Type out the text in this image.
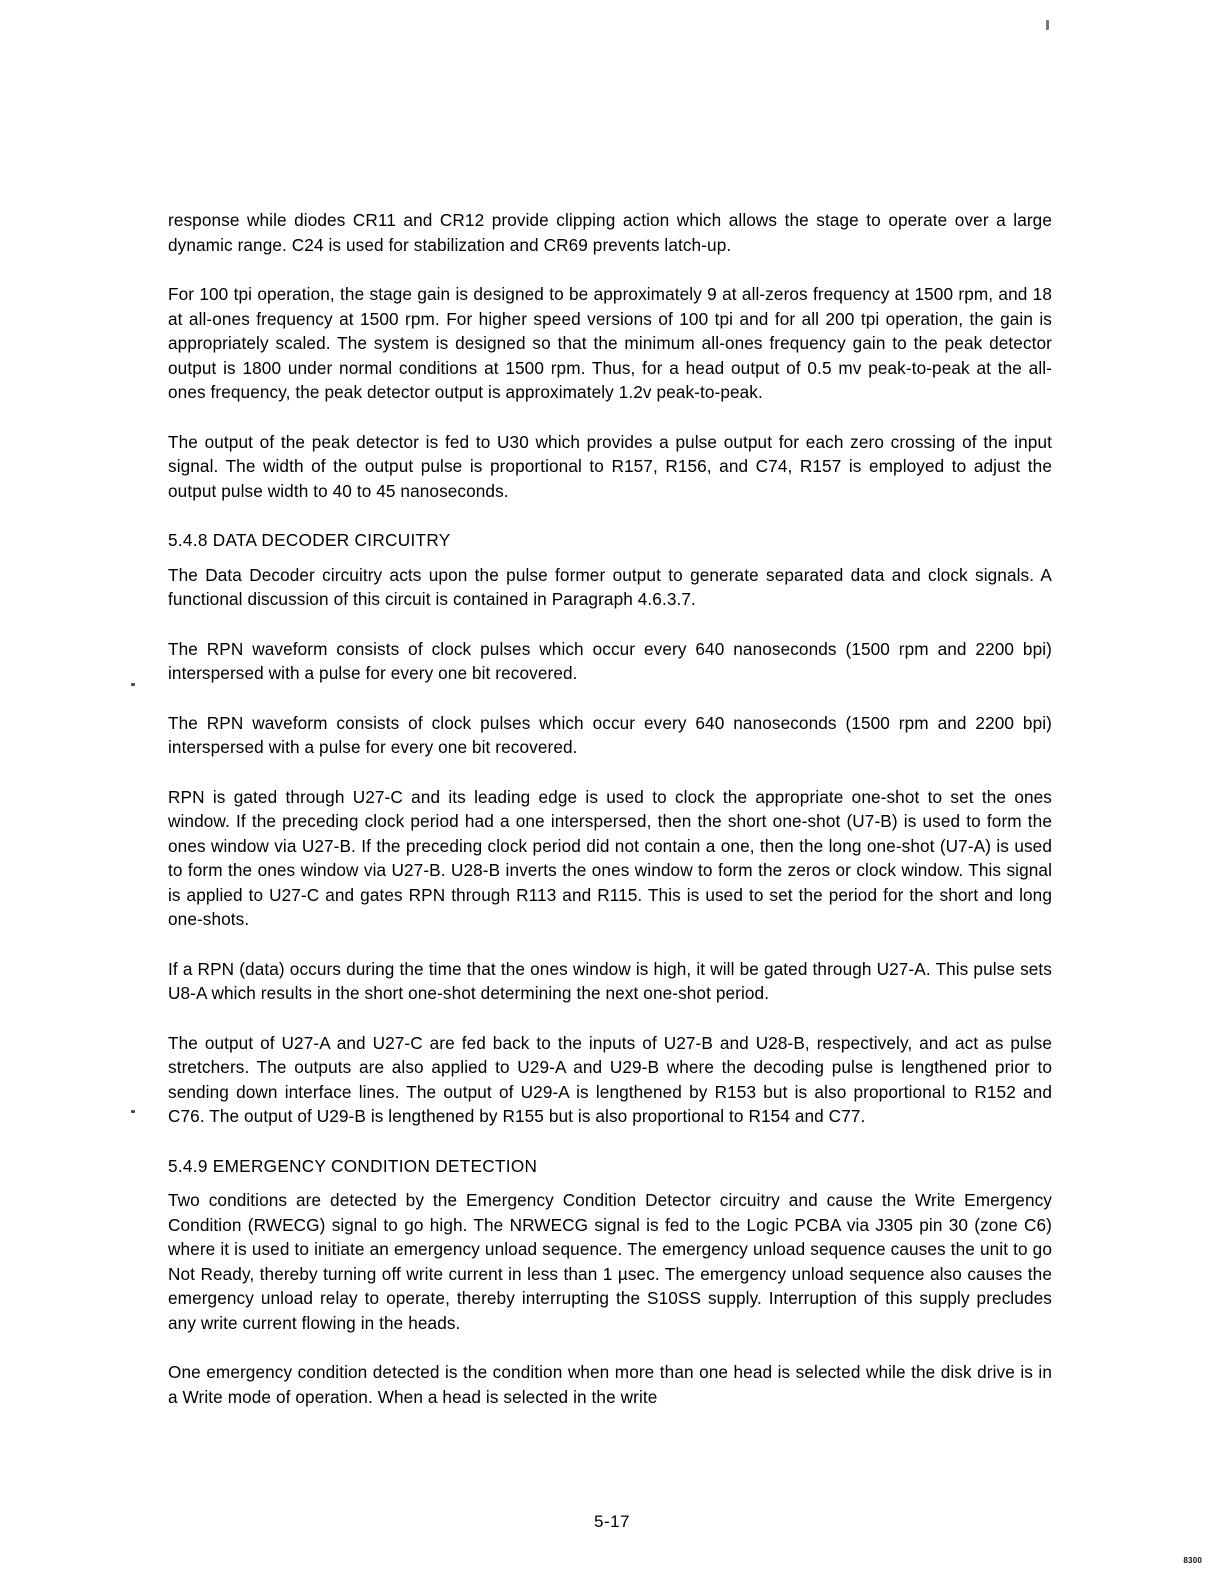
response while diodes CR11 and CR12 provide clipping action which allows the stage to operate over a large dynamic range. C24 is used for stabilization and CR69 prevents latch-up.

For 100 tpi operation, the stage gain is designed to be approximately 9 at all-zeros frequency at 1500 rpm, and 18 at all-ones frequency at 1500 rpm. For higher speed versions of 100 tpi and for all 200 tpi operation, the gain is appropriately scaled. The system is designed so that the minimum all-ones frequency gain to the peak detector output is 1800 under normal conditions at 1500 rpm. Thus, for a head output of 0.5 mv peak-to-peak at the all-ones frequency, the peak detector output is approximately 1.2v peak-to-peak.

The output of the peak detector is fed to U30 which provides a pulse output for each zero crossing of the input signal. The width of the output pulse is proportional to R157, R156, and C74, R157 is employed to adjust the output pulse width to 40 to 45 nanoseconds.

5.4.8 DATA DECODER CIRCUITRY

The Data Decoder circuitry acts upon the pulse former output to generate separated data and clock signals. A functional discussion of this circuit is contained in Paragraph 4.6.3.7.

The RPN waveform consists of clock pulses which occur every 640 nanoseconds (1500 rpm and 2200 bpi) interspersed with a pulse for every one bit recovered.

The RPN waveform consists of clock pulses which occur every 640 nanoseconds (1500 rpm and 2200 bpi) interspersed with a pulse for every one bit recovered.

RPN is gated through U27-C and its leading edge is used to clock the appropriate one-shot to set the ones window. If the preceding clock period had a one interspersed, then the short one-shot (U7-B) is used to form the ones window via U27-B. If the preceding clock period did not contain a one, then the long one-shot (U7-A) is used to form the ones window via U27-B. U28-B inverts the ones window to form the zeros or clock window. This signal is applied to U27-C and gates RPN through R113 and R115. This is used to set the period for the short and long one-shots.

If a RPN (data) occurs during the time that the ones window is high, it will be gated through U27-A. This pulse sets U8-A which results in the short one-shot determining the next one-shot period.

The output of U27-A and U27-C are fed back to the inputs of U27-B and U28-B, respectively, and act as pulse stretchers. The outputs are also applied to U29-A and U29-B where the decoding pulse is lengthened prior to sending down interface lines. The output of U29-A is lengthened by R153 but is also proportional to R152 and C76. The output of U29-B is lengthened by R155 but is also proportional to R154 and C77.

5.4.9 EMERGENCY CONDITION DETECTION

Two conditions are detected by the Emergency Condition Detector circuitry and cause the Write Emergency Condition (RWECG) signal to go high. The NRWECG signal is fed to the Logic PCBA via J305 pin 30 (zone C6) where it is used to initiate an emergency unload sequence. The emergency unload sequence causes the unit to go Not Ready, thereby turning off write current in less than 1 µsec. The emergency unload sequence also causes the emergency unload relay to operate, thereby interrupting the S10SS supply. Interruption of this supply precludes any write current flowing in the heads.

One emergency condition detected is the condition when more than one head is selected while the disk drive is in a Write mode of operation. When a head is selected in the write

5-17
8300
